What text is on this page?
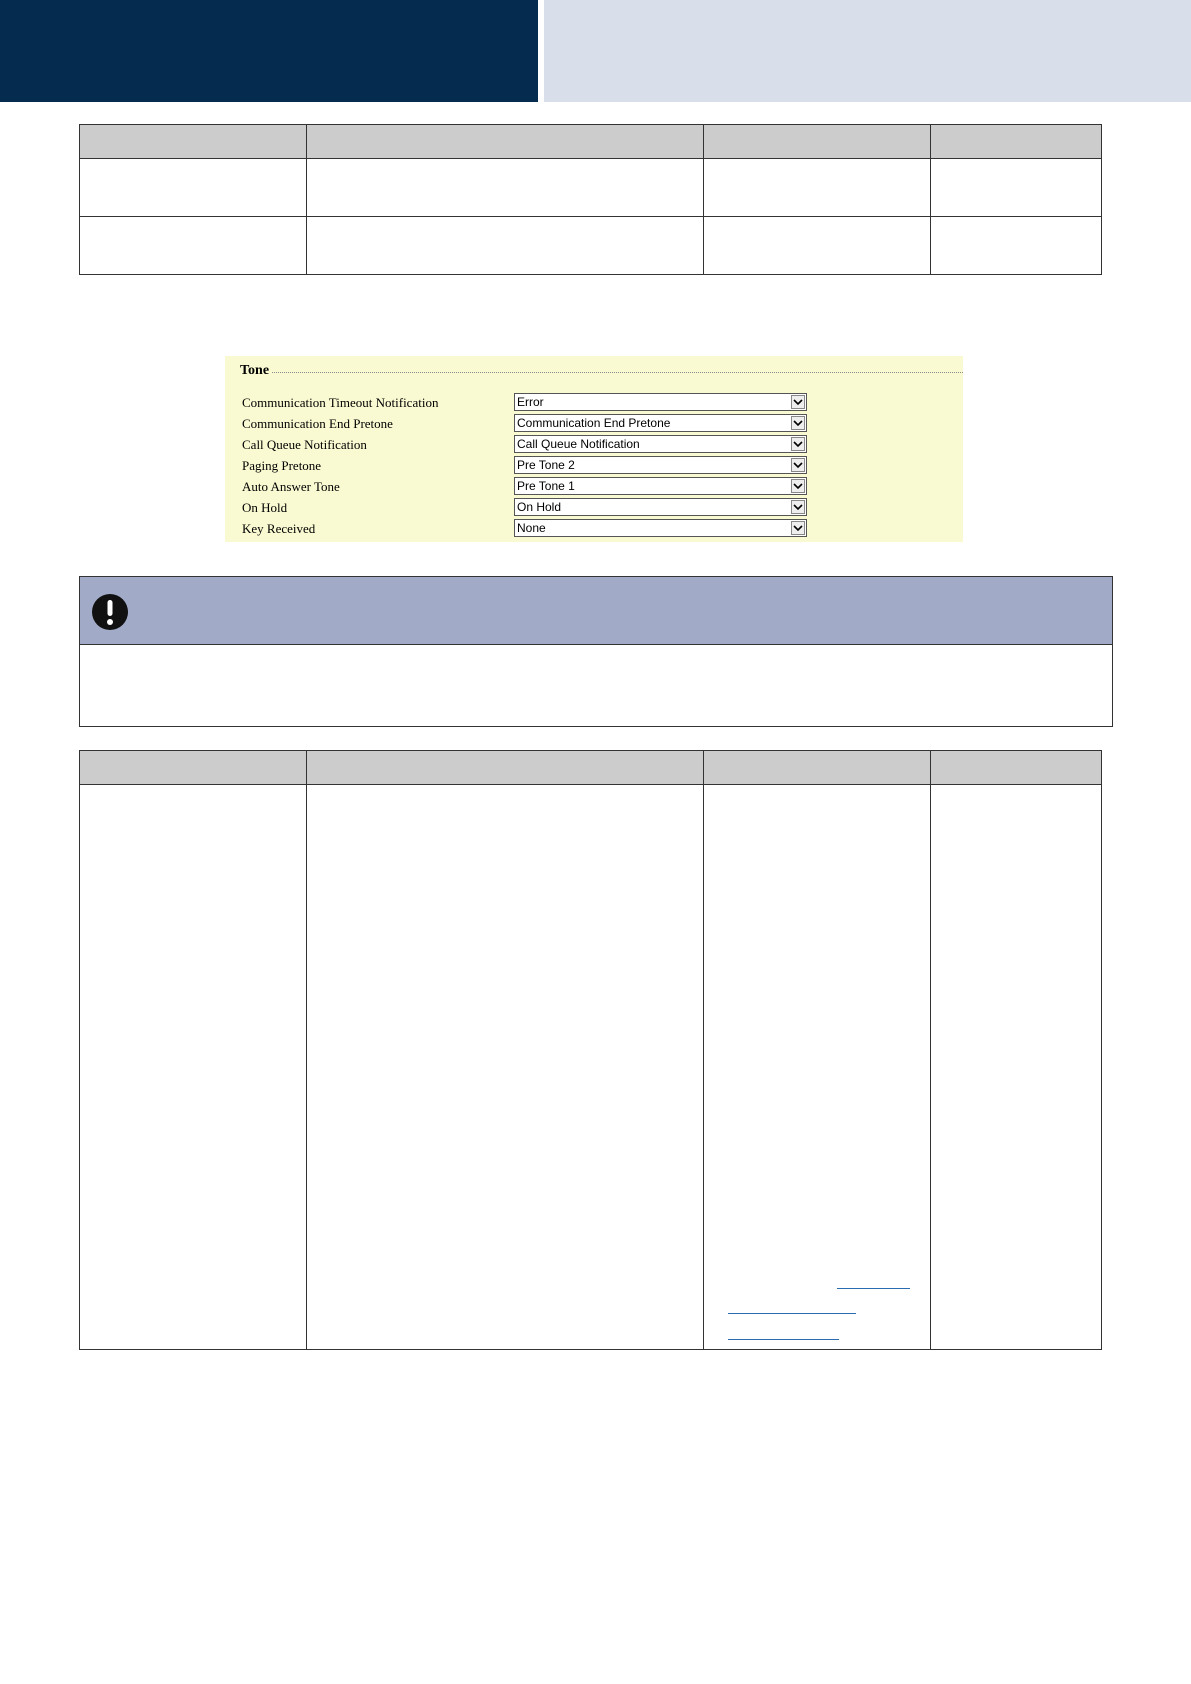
Tone
Communication Timeout Notification	Error
Communication End Pretone	Communication End Pretone
Call Queue Notification	Call Queue Notification
Paging Pretone	Pre Tone 2
Auto Answer Tone	Pre Tone 1
On Hold	On Hold
Key Received	None
